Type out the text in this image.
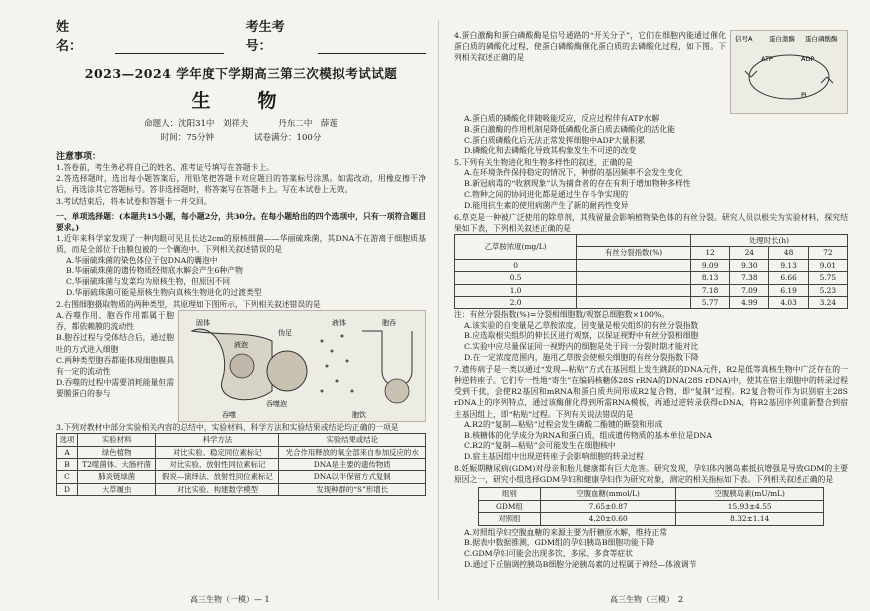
姓　名：
考生考号：
2023—2024 学年度下学期高三第三次模拟考试试题
生　物
命题人：沈阳31中　刘祥夫	丹东二中　薛莲
时间：75分钟	试卷满分：100分
注意事项：
1.答卷前，考生务必将自己的姓名、准考证号填写在答题卡上。
2.答选择题时，选出每小题答案后，用铅笔把答题卡对应题目的答案标号涂黑。如需改动，用橡皮擦干净后，再选涂其它答题标号。答非选择题时，将答案写在答题卡上。写在本试卷上无效。
3.考试结束后，将本试卷和答题卡一并交回。
一、单项选择题：(本题共15小题，每小题2分，共30分。在每小题给出的四个选项中，只有一项符合题目要求。)
1.近年来科学家发现了一种肉眼可见且长达2cm的原核细菌——华丽硫珠菌，其DNA不在游离于细胞质基质，而是全部位于由膜包被的一个囊泡中。下列相关叙述错误的是
A.华丽硫珠菌的染色体位于包DNA的囊泡中
B.华丽硫珠菌的遗传物质经彻底水解会产生6种产物
C.华丽硫珠菌与发菜均为原核生物，但原因不同
D.华丽硫珠菌可能是原核生物向真核生物进化的过渡类型
2.右图细胞摄取物质的两种类型，其原理如下图所示，下列相关叙述错误的是
A.吞噬作用、胞吞作用都属于胞吞，都依赖膜的流动性
B.胞吞过程与受体结合后，通过胞吐的方式进入细胞
C.两种类型胞吞都能体现细胞膜具有一定的流动性
D.吞噬的过程中需要消耗能量但需要膜蛋白的参与
固体
液泡
伪足
吞噬泡
液体	胞吞
吞噬	胞饮
3.下列对教材中部分实验相关内容的总结中，实验材料、科学方法和实验结果或结论均正确的一项是
选项	实验材料	科学方法	实验结果或结论
A	绿色植物	对比实验、稳定同位素标记	光合作用释放的氧全部来自参加反应的水
B	T2噬菌体、大肠杆菌	对比实验、放射性同位素标记	DNA是主要的遗传物质
C	肺炎链球菌	假说—演绎法、放射性同位素标记	DNA以半保留方式复制
D	大草履虫	对比实验、构建数学模型	发现种群的“S”形增长
高三生物（一模）— 1
4.蛋白激酶和蛋白磷酸酶是信号通路的“开关分子”，它们在细胞内能通过催化蛋白质的磷酸化过程，使蛋白磷酸酶催化蛋白质的去磷酸化过程，如下图。下列相关叙述正确的是
信号A	蛋白激酶
ATP	ADP
Pi
蛋白磷酸酶
A.蛋白质的磷酸化伴随吸能反应，反应过程伴有ATP水解
B.蛋白激酶的作用机制是降低磷酸化蛋白质去磷酸化的活化能
C.蛋白质磷酸化后无法正常发挥细胞中ADP大量积累
D.磷酸化和去磷酸化导致其构象发生不可逆的改变
5.下列有关生物进化和生物多样性的叙述，正确的是
A.在环境条件保持稳定的情况下，种群的基因频率不会发生变化
B.新冠病毒的“收割现象”认为捕食者的存在有利于增加物种多样性
C.物种之间的协同进化都是通过生存斗争实现的
D.能用抗生素的使用病菌产生了新的耐药性变异
6.草克是一种被广泛使用的除草剂，其残留量会影响植物染色体的有丝分裂。研究人员以根尖为实验材料，探究结果如下表，下列相关叙述正确的是
乙草胺浓度(mg/L)		处理时长(h)			
	有丝分裂指数(%)	12	24	48	72
0		9.09	9.30	9.13	9.01
0.5		8.13	7.38	6.66	5.75
1.0		7.18	7.09	6.19	5.23
2.0		5.77	4.99	4.03	3.24
注：有丝分裂指数(%)=分裂相细胞数/观察总细胞数×100%。
A.该实验的自变量是乙草胺浓度，因变量是根尖组织的有丝分裂指数
B.应选取根尖组织的伸长区进行观察，以保证视野中有丝分裂相细胞
C.实验中应尽量保证同一视野内的细胞是处于同一分裂时期才能对比
D.在一定浓度范围内，施用乙草胺会使根尖细胞的有丝分裂指数下降
7.遗传病子是一类以通过“发现—粘贴”方式在基因组上发生跳跃的DNA元件，R2是低等真核生物中广泛存在的一种逆转座子。它们专一性地“寄生”在编码核糖体28S rRNA的DNA(28S rDNA)中，使其在宿主细胞中的转录过程受到干扰，会使R2基因和mRNA和蛋白质共同形成R2复合物，即“复制”过程。R2复合物可作为识别宿主28S rDNA上的序列特点，通过该酶催化得到所需RNA模板，再通过逆转录获得cDNA，将R2基因序列重新整合到宿主基因组上，即“粘贴”过程。下列有关说法错误的是
A.R2的“复制—粘贴”过程会发生磷酸二酯键的断裂和形成
B.核糖体的化学成分为RNA和蛋白质，组成遗传物质的基本单位是DNA
C.R2的“复制—粘贴”会可能发生在细胞核中
D.宿主基因组中出现逆转座子会影响细胞的转录过程
8.妊娠期糖尿病(GDM)对母亲和胎儿健康都有巨大危害。研究发现，孕妇体内胰岛素抵抗增强是导致GDM的主要原因之一，研究小组选择GDM孕妇和健康孕妇作为研究对象，测定的相关指标如下表。下列相关叙述正确的是
组别	空腹血糖(mmol/L)	空腹胰岛素(mU/mL)
GDM组	7.65±0.87	15.93±4.55
对照组	4.20±0.60	8.32±1.14
A.对照组孕妇空腹血糖的来源主要为肝糖原水解，维持正常
B.据表中数据推测，GDM组的孕妇胰岛B细胞功能下降
C.GDM孕妇可能会出现多饮、多尿、多食等症状
D.通过下丘脑调控胰岛B细胞分泌胰岛素的过程属于神经—体液调节
高三生物（三模）　2
